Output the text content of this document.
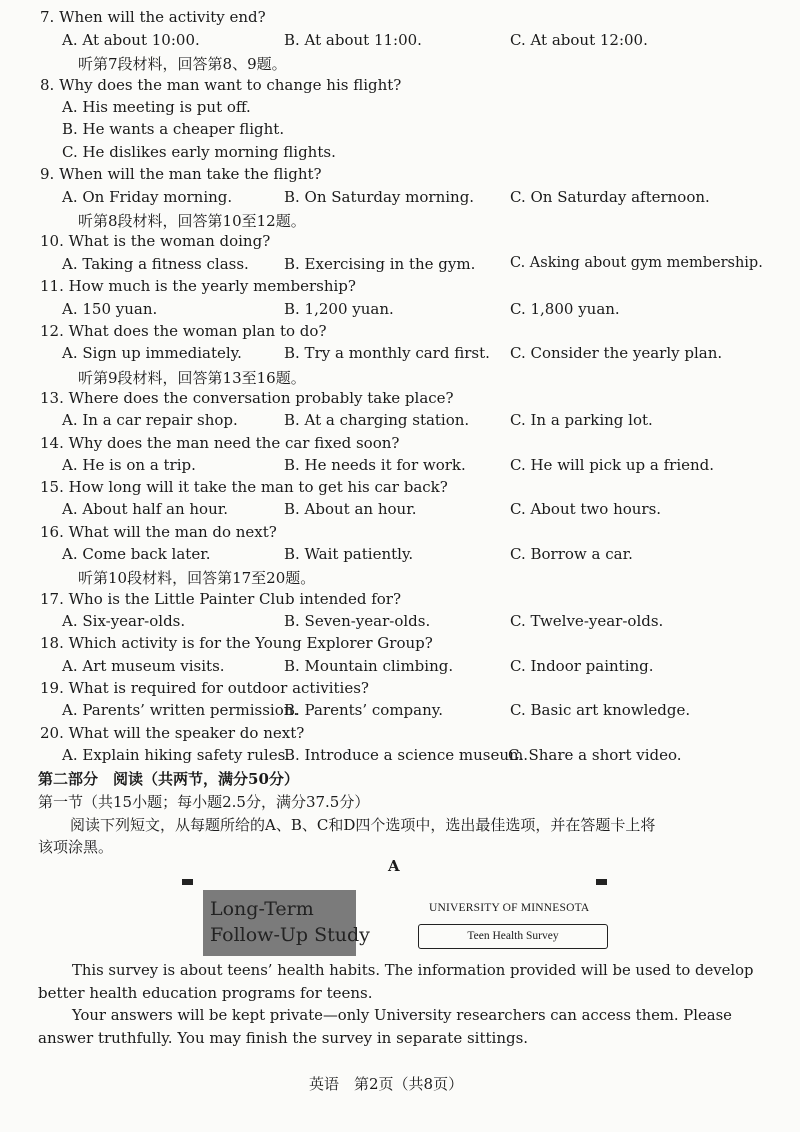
7. When will the activity end?
A. At about 10:00.	B. At about 11:00.	C. At about 12:00.
听第7段材料，回答第8、9题。
8. Why does the man want to change his flight?
A. His meeting is put off.
B. He wants a cheaper flight.
C. He dislikes early morning flights.
9. When will the man take the flight?
A. On Friday morning.	B. On Saturday morning. C. On Saturday afternoon.
听第8段材料，回答第10至12题。
10. What is the woman doing?
A. Taking a fitness class. B. Exercising in the gym. C. Asking about gym membership.
11. How much is the yearly membership?
A. 150 yuan.	B. 1,200 yuan.	C. 1,800 yuan.
12. What does the woman plan to do?
A. Sign up immediately.	B. Try a monthly card first. C. Consider the yearly plan.
听第9段材料，回答第13至16题。
13. Where does the conversation probably take place?
A. In a car repair shop.	B. At a charging station.	C. In a parking lot.
14. Why does the man need the car fixed soon?
A. He is on a trip.	B. He needs it for work.	C. He will pick up a friend.
15. How long will it take the man to get his car back?
A. About half an hour.	B. About an hour.	C. About two hours.
16. What will the man do next?
A. Come back later.	B. Wait patiently.	C. Borrow a car.
听第10段材料，回答第17至20题。
17. Who is the Little Painter Club intended for?
A. Six-year-olds.	B. Seven-year-olds.	C. Twelve-year-olds.
18. Which activity is for the Young Explorer Group?
A. Art museum visits.	B. Mountain climbing.	C. Indoor painting.
19. What is required for outdoor activities?
A. Parents’ written permission.
B. Parents’ company.	C. Basic art knowledge.
20. What will the speaker do next?
A. Explain hiking safety rules.
B. Introduce a science museum.
C. Share a short video.
第二部分　阅读（共两节，满分50分）
第一节（共15小题；每小题2.5分，满分37.5分）
阅读下列短文，从每题所给的A、B、C和D四个选项中，选出最佳选项，并在答题卡上将
该项涂黑。
A
Long-Term
Follow-Up Study
UNIVERSITY OF MINNESOTA
Teen Health Survey
This survey is about teens’ health habits. The information provided will be used to develop
better health education programs for teens.
Your answers will be kept private—only University researchers can access them. Please
answer truthfully. You may finish the survey in separate sittings.
英语　第2页（共8页）
